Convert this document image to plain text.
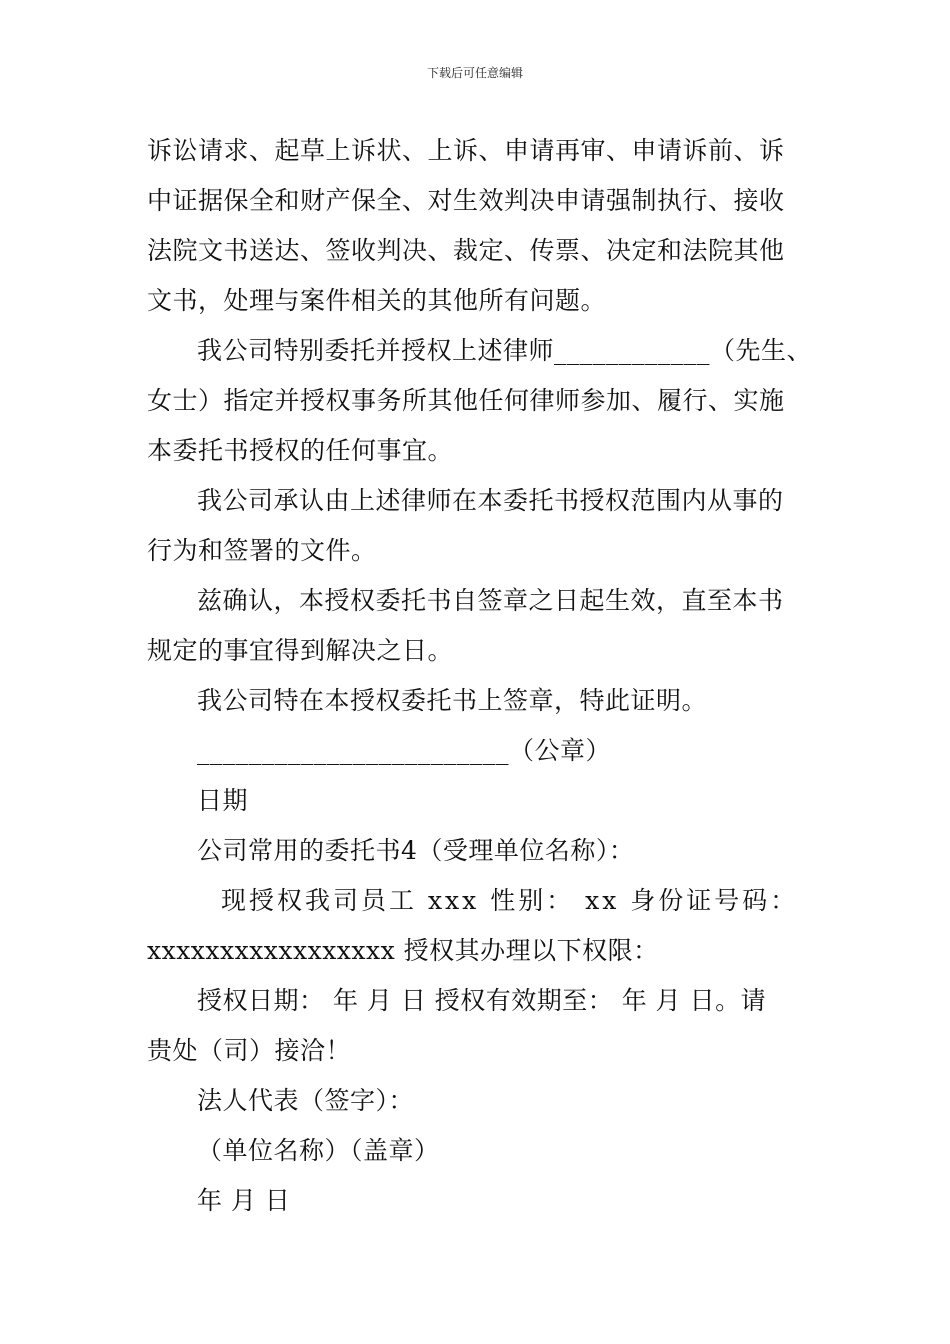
下载后可任意编辑
诉讼请求、起草上诉状、上诉、申请再审、申请诉前、诉
中证据保全和财产保全、对生效判决申请强制执行、接收
法院文书送达、签收判决、裁定、传票、决定和法院其他
文书，处理与案件相关的其他所有问题。
我公司特别委托并授权上述律师____________（先生、
女士）指定并授权事务所其他任何律师参加、履行、实施
本委托书授权的任何事宜。
我公司承认由上述律师在本委托书授权范围内从事的
行为和签署的文件。
兹确认，本授权委托书自签章之日起生效，直至本书
规定的事宜得到解决之日。
我公司特在本授权委托书上签章，特此证明。
________________________（公章）
日期
公司常用的委托书4（受理单位名称）：
现授权我司员工 xxx 性别： xx 身份证号码：
xxxxxxxxxxxxxxxxx 授权其办理以下权限：
授权日期： 年 月 日 授权有效期至： 年 月 日。请
贵处（司）接洽！
法人代表（签字）：
（单位名称）（盖章）
年 月 日
